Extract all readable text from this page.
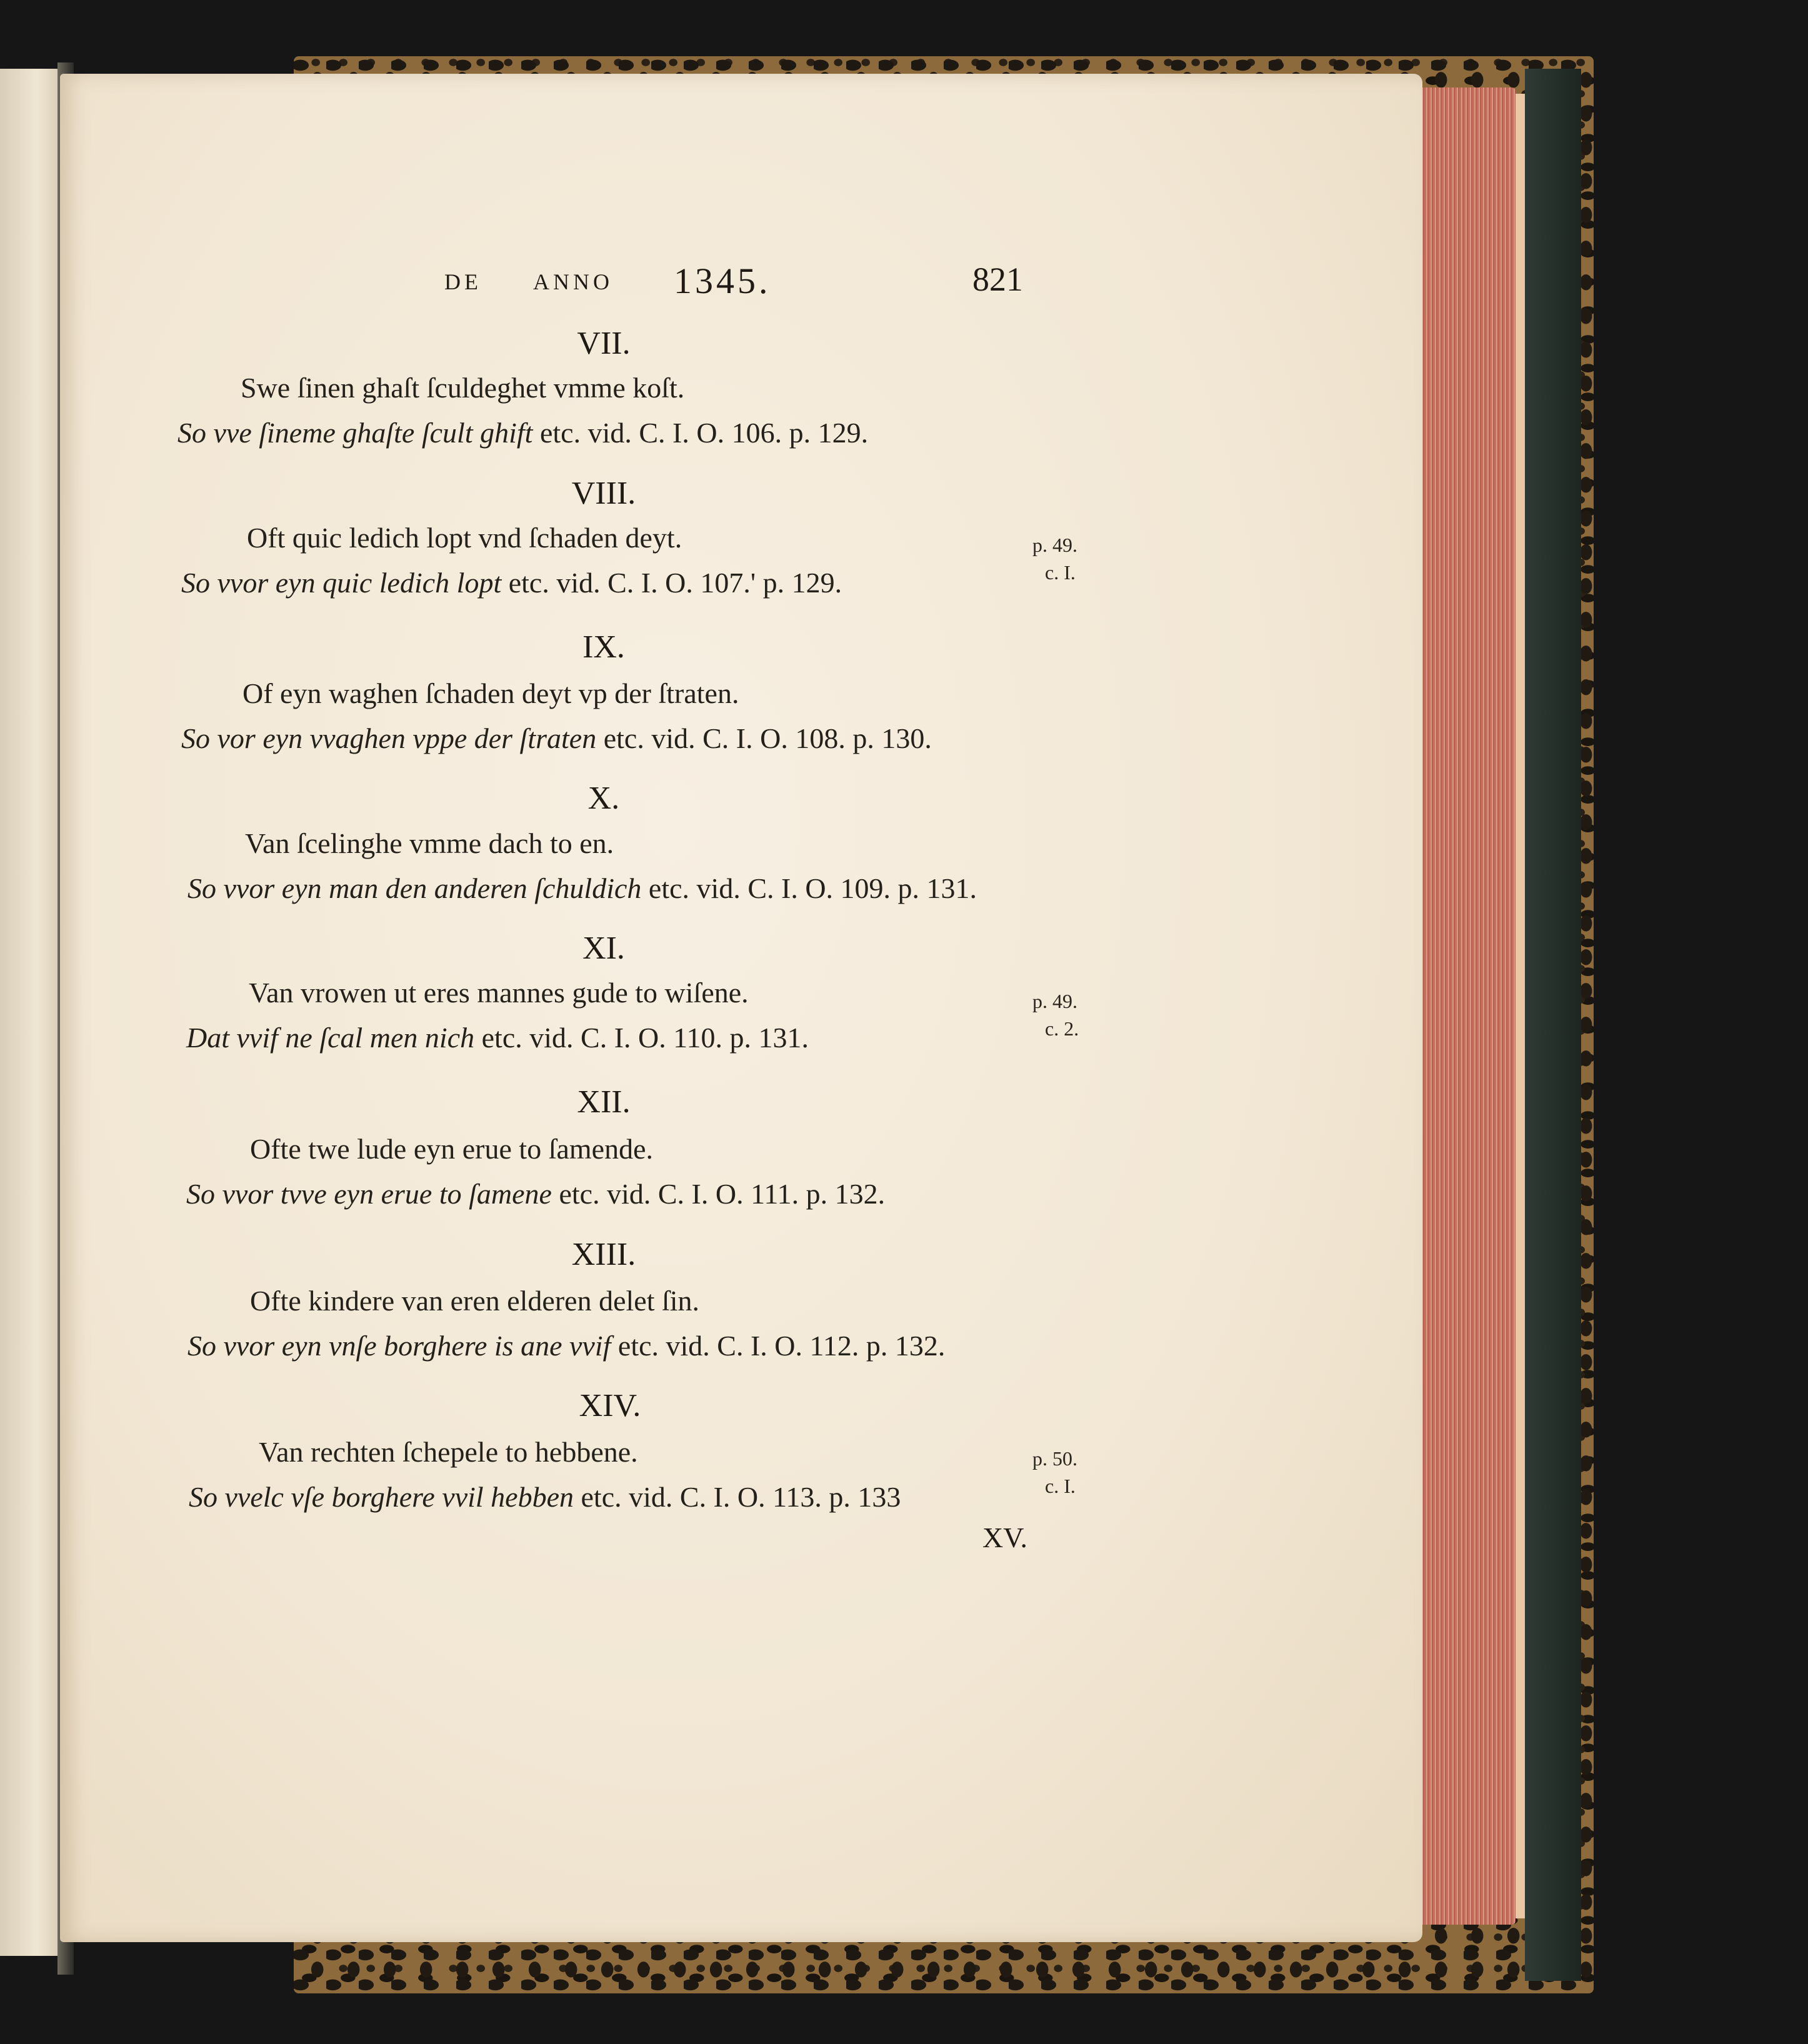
DE ANNO 1345.	821
VII.
Swe ſinen ghaſt ſculdeghet vmme koſt.
So vve ſineme ghaſte ſcult ghift etc. vid. C. I. O. 106. p. 129.
VIII.
Oft quic ledich lopt vnd ſchaden deyt.
So vvor eyn quic ledich lopt etc. vid. C. I. O. 107.' p. 129.
IX.
Of eyn waghen ſchaden deyt vp der ſtraten.
So vor eyn vvaghen vppe der ſtraten etc. vid. C. I. O. 108. p. 130.
X.
Van ſcelinghe vmme dach to en.
So vvor eyn man den anderen ſchuldich etc. vid. C. I. O. 109. p. 131.
XI.
Van vrowen ut eres mannes gude to wiſene.
Dat vvif ne ſcal men nich etc. vid. C. I. O. 110. p. 131.
XII.
Ofte twe lude eyn erue to ſamende.
So vvor tvve eyn erue to ſamene etc. vid. C. I. O. 111. p. 132.
XIII.
Ofte kindere van eren elderen delet ſin.
So vvor eyn vnſe borghere is ane vvif etc. vid. C. I. O. 112. p. 132.
XIV.
Van rechten ſchepele to hebbene.
So vvelc vſe borghere vvil hebben etc. vid. C. I. O. 113. p. 133
p. 49.
c. I.
p. 49.
c. 2.
p. 50.
c. I.
XV.
